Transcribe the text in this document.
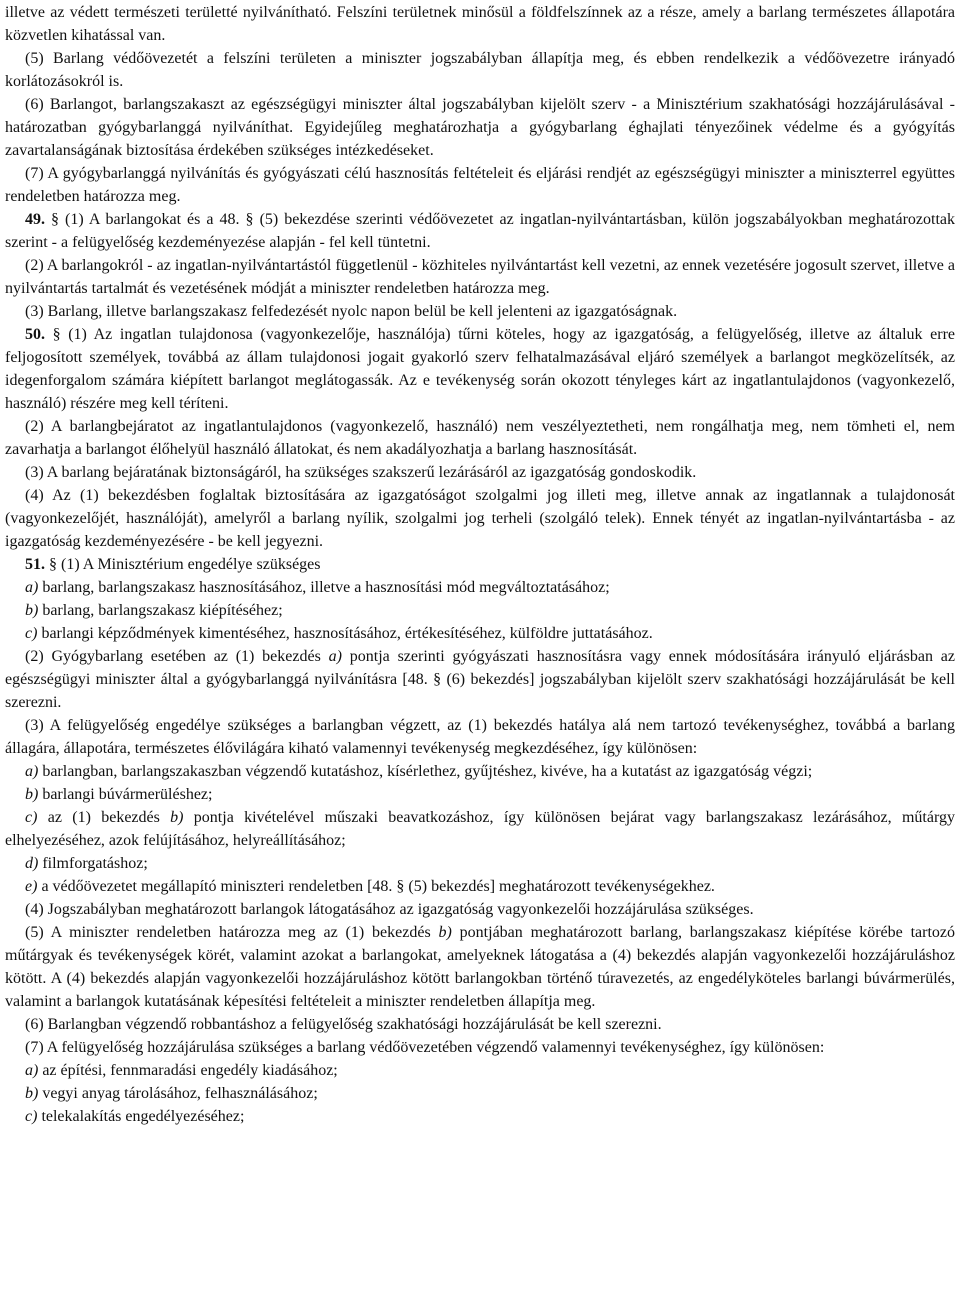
illetve az védett természeti területté nyilvánítható. Felszíni területnek minősül a földfelszínnek az a része, amely a barlang természetes állapotára közvetlen kihatással van.

(5) Barlang védőövezetét a felszíni területen a miniszter jogszabályban állapítja meg, és ebben rendelkezik a védőövezetre irányadó korlátozásokról is.

(6) Barlangot, barlangszakaszt az egészségügyi miniszter által jogszabályban kijelölt szerv - a Minisztérium szakhatósági hozzájárulásával - határozatban gyógybarlanggá nyilváníthat. Egyidejűleg meghatározhatja a gyógybarlang éghajlati tényezőinek védelme és a gyógyítás zavartalanságának biztosítása érdekében szükséges intézkedéseket.

(7) A gyógybarlanggá nyilvánítás és gyógyászati célú hasznosítás feltételeit és eljárási rendjét az egészségügyi miniszter a miniszterrel együttes rendeletben határozza meg.

49. § (1) A barlangokat és a 48. § (5) bekezdése szerinti védőövezetet az ingatlan-nyilvántartásban, külön jogszabályokban meghatározottak szerint - a felügyelőség kezdeményezése alapján - fel kell tüntetni.

(2) A barlangokról - az ingatlan-nyilvántartástól függetlenül - közhiteles nyilvántartást kell vezetni, az ennek vezetésére jogosult szervet, illetve a nyilvántartás tartalmát és vezetésének módját a miniszter rendeletben határozza meg.

(3) Barlang, illetve barlangszakasz felfedezését nyolc napon belül be kell jelenteni az igazgatóságnak.

50. § (1) Az ingatlan tulajdonosa (vagyonkezelője, használója) tűrni köteles, hogy az igazgatóság, a felügyelőség, illetve az általuk erre feljogosított személyek, továbbá az állam tulajdonosi jogait gyakorló szerv felhatalmazásával eljáró személyek a barlangot megközelítsék, az idegenforgalom számára kiépített barlangot meglátogassák. Az e tevékenység során okozott tényleges kárt az ingatlantulajdonos (vagyonkezelő, használó) részére meg kell téríteni.

(2) A barlangbejáratot az ingatlantulajdonos (vagyonkezelő, használó) nem veszélyeztetheti, nem rongálhatja meg, nem tömheti el, nem zavarhatja a barlangot élőhelyül használó állatokat, és nem akadályozhatja a barlang hasznosítását.

(3) A barlang bejáratának biztonságáról, ha szükséges szakszerű lezárásáról az igazgatóság gondoskodik.

(4) Az (1) bekezdésben foglaltak biztosítására az igazgatóságot szolgalmi jog illeti meg, illetve annak az ingatlannak a tulajdonosát (vagyonkezelőjét, használóját), amelyről a barlang nyílik, szolgalmi jog terheli (szolgáló telek). Ennek tényét az ingatlan-nyilvántartásba - az igazgatóság kezdeményezésére - be kell jegyezni.

51. § (1) A Minisztérium engedélye szükséges

a) barlang, barlangszakasz hasznosításához, illetve a hasznosítási mód megváltoztatásához;

b) barlang, barlangszakasz kiépítéséhez;

c) barlangi képződmények kimentéséhez, hasznosításához, értékesítéséhez, külföldre juttatásához.

(2) Gyógybarlang esetében az (1) bekezdés a) pontja szerinti gyógyászati hasznosításra vagy ennek módosítására irányuló eljárásban az egészségügyi miniszter által a gyógybarlanggá nyilvánításra [48. § (6) bekezdés] jogszabályban kijelölt szerv szakhatósági hozzájárulását be kell szerezni.

(3) A felügyelőség engedélye szükséges a barlangban végzett, az (1) bekezdés hatálya alá nem tartozó tevékenységhez, továbbá a barlang állagára, állapotára, természetes élővilágára kiható valamennyi tevékenység megkezdéséhez, így különösen:

a) barlangban, barlangszakaszban végzendő kutatáshoz, kísérlethez, gyűjtéshez, kivéve, ha a kutatást az igazgatóság végzi;

b) barlangi búvármerüléshez;

c) az (1) bekezdés b) pontja kivételével műszaki beavatkozáshoz, így különösen bejárat vagy barlangszakasz lezárásához, műtárgy elhelyezéséhez, azok felújításához, helyreállításához;

d) filmforgatáshoz;

e) a védőövezetet megállapító miniszteri rendeletben [48. § (5) bekezdés] meghatározott tevékenységekhez.

(4) Jogszabályban meghatározott barlangok látogatásához az igazgatóság vagyonkezelői hozzájárulása szükséges.

(5) A miniszter rendeletben határozza meg az (1) bekezdés b) pontjában meghatározott barlang, barlangszakasz kiépítése körébe tartozó műtárgyak és tevékenységek körét, valamint azokat a barlangokat, amelyeknek látogatása a (4) bekezdés alapján vagyonkezelői hozzájáruláshoz kötött. A (4) bekezdés alapján vagyonkezelői hozzájáruláshoz kötött barlangokban történő túravezetés, az engedélyköteles barlangi búvármerülés, valamint a barlangok kutatásának képesítési feltételeit a miniszter rendeletben állapítja meg.

(6) Barlangban végzendő robbantáshoz a felügyelőség szakhatósági hozzájárulását be kell szerezni.

(7) A felügyelőség hozzájárulása szükséges a barlang védőövezetében végzendő valamennyi tevékenységhez, így különösen:

a) az építési, fennmaradási engedély kiadásához;

b) vegyi anyag tárolásához, felhasználásához;

c) telekalakítás engedélyezéséhez;
